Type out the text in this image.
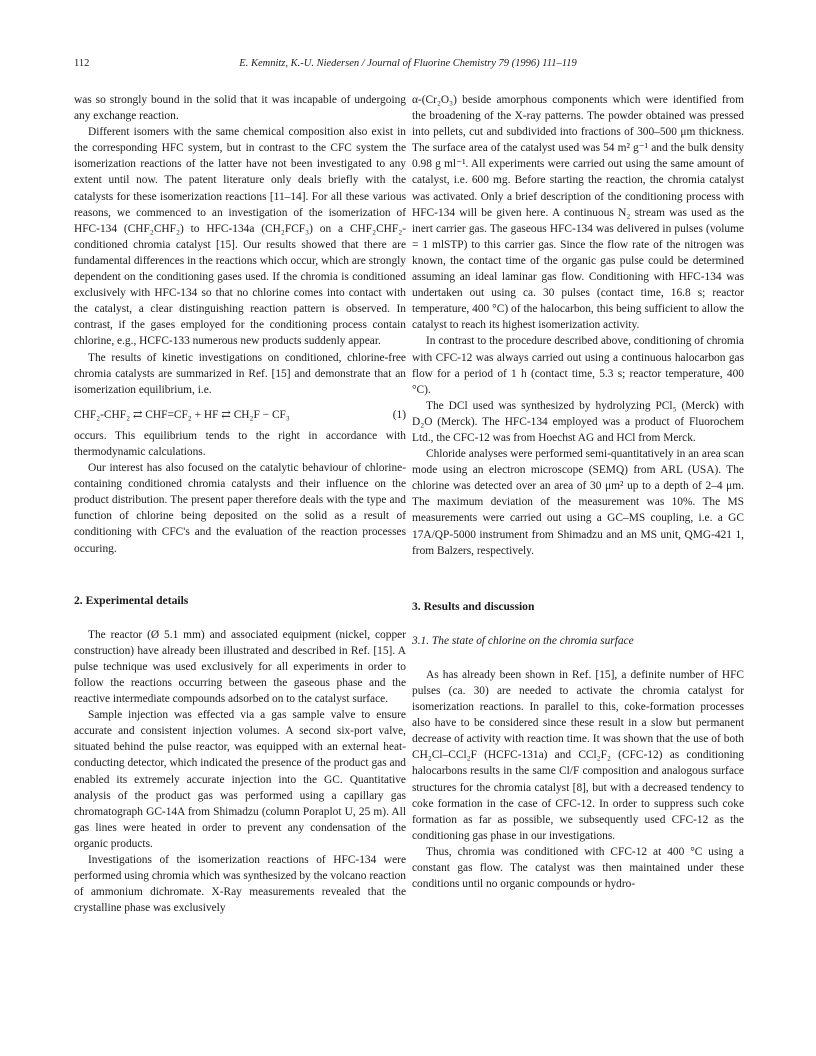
112	E. Kemnitz, K.-U. Niedersen / Journal of Fluorine Chemistry 79 (1996) 111–119

was so strongly bound in the solid that it was incapable of undergoing any exchange reaction.

Different isomers with the same chemical composition also exist in the corresponding HFC system, but in contrast to the CFC system the isomerization reactions of the latter have not been investigated to any extent until now. The patent literature only deals briefly with the catalysts for these isomerization reactions [11–14]. For all these various reasons, we commenced to an investigation of the isomerization of HFC-134 (CHF₂CHF₂) to HFC-134a (CH₂FCF₃) on a CHF₂CHF₂-conditioned chromia catalyst [15]. Our results showed that there are fundamental differences in the reactions which occur, which are strongly dependent on the conditioning gases used. If the chromia is conditioned exclusively with HFC-134 so that no chlorine comes into contact with the catalyst, a clear distinguishing reaction pattern is observed. In contrast, if the gases employed for the conditioning process contain chlorine, e.g., HCFC-133 numerous new products suddenly appear.

The results of kinetic investigations on conditioned, chlorine-free chromia catalysts are summarized in Ref. [15] and demonstrate that an isomerization equilibrium, i.e.

CHF₂-CHF₂ ⇄ CHF=CF₂ + HF ⇄ CH₂F − CF₃	(1)

occurs. This equilibrium tends to the right in accordance with thermodynamic calculations.

Our interest has also focused on the catalytic behaviour of chlorine-containing conditioned chromia catalysts and their influence on the product distribution. The present paper therefore deals with the type and function of chlorine being deposited on the solid as a result of conditioning with CFC's and the evaluation of the reaction processes occuring.

2. Experimental details

The reactor (Ø 5.1 mm) and associated equipment (nickel, copper construction) have already been illustrated and described in Ref. [15]. A pulse technique was used exclusively for all experiments in order to follow the reactions occurring between the gaseous phase and the reactive intermediate compounds adsorbed on to the catalyst surface.

Sample injection was effected via a gas sample valve to ensure accurate and consistent injection volumes. A second six-port valve, situated behind the pulse reactor, was equipped with an external heat-conducting detector, which indicated the presence of the product gas and enabled its extremely accurate injection into the GC. Quantitative analysis of the product gas was performed using a capillary gas chromatograph GC-14A from Shimadzu (column Poraplot U, 25 m). All gas lines were heated in order to prevent any condensation of the organic products.

Investigations of the isomerization reactions of HFC-134 were performed using chromia which was synthesized by the volcano reaction of ammonium dichromate. X-Ray measurements revealed that the crystalline phase was exclusively

α-(Cr₂O₃) beside amorphous components which were identified from the broadening of the X-ray patterns. The powder obtained was pressed into pellets, cut and subdivided into fractions of 300–500 μm thickness. The surface area of the catalyst used was 54 m² g⁻¹ and the bulk density 0.98 g ml⁻¹. All experiments were carried out using the same amount of catalyst, i.e. 600 mg. Before starting the reaction, the chromia catalyst was activated. Only a brief description of the conditioning process with HFC-134 will be given here. A continuous N₂ stream was used as the inert carrier gas. The gaseous HFC-134 was delivered in pulses (volume = 1 mlSTP) to this carrier gas. Since the flow rate of the nitrogen was known, the contact time of the organic gas pulse could be determined assuming an ideal laminar gas flow. Conditioning with HFC-134 was undertaken out using ca. 30 pulses (contact time, 16.8 s; reactor temperature, 400 °C) of the halocarbon, this being sufficient to allow the catalyst to reach its highest isomerization activity.

In contrast to the procedure described above, conditioning of chromia with CFC-12 was always carried out using a continuous halocarbon gas flow for a period of 1 h (contact time, 5.3 s; reactor temperature, 400 °C).

The DCl used was synthesized by hydrolyzing PCl₅ (Merck) with D₂O (Merck). The HFC-134 employed was a product of Fluorochem Ltd., the CFC-12 was from Hoechst AG and HCl from Merck.

Chloride analyses were performed semi-quantitatively in an area scan mode using an electron microscope (SEMQ) from ARL (USA). The chlorine was detected over an area of 30 μm² up to a depth of 2–4 μm. The maximum deviation of the measurement was 10%. The MS measurements were carried out using a GC–MS coupling, i.e. a GC 17A/QP-5000 instrument from Shimadzu and an MS unit, QMG-421 1, from Balzers, respectively.

3. Results and discussion
3.1. The state of chlorine on the chromia surface

As has already been shown in Ref. [15], a definite number of HFC pulses (ca. 30) are needed to activate the chromia catalyst for isomerization reactions. In parallel to this, coke-formation processes also have to be considered since these result in a slow but permanent decrease of activity with reaction time. It was shown that the use of both CH₂Cl–CCl₂F (HCFC-131a) and CCl₂F₂ (CFC-12) as conditioning halocarbons results in the same Cl/F composition and analogous surface structures for the chromia catalyst [8], but with a decreased tendency to coke formation in the case of CFC-12. In order to suppress such coke formation as far as possible, we subsequently used CFC-12 as the conditioning gas phase in our investigations.

Thus, chromia was conditioned with CFC-12 at 400 °C using a constant gas flow. The catalyst was then maintained under these conditions until no organic compounds or hydro-
